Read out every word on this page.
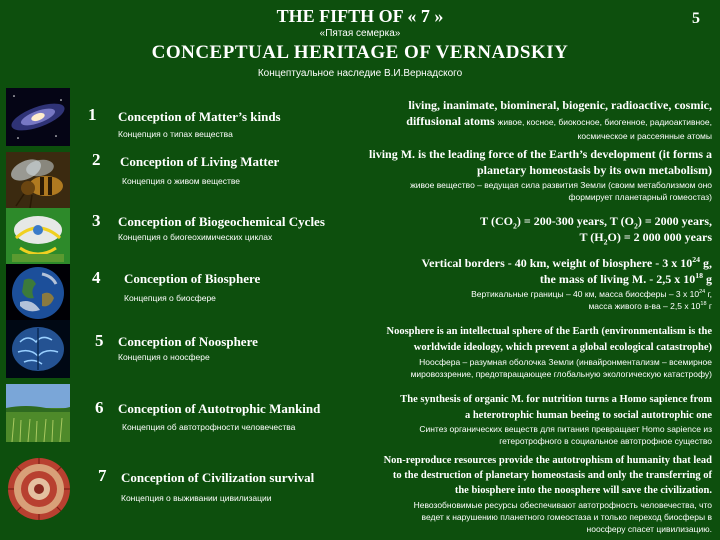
THE FIFTH OF « 7 »
«Пятая семерка»
CONCEPTUAL HERITAGE OF VERNADSKIY
Концептуальное наследие В.И.Вернадского
5
1 Conception of Matter’s kinds
Концепция о типах вещества
living, inanimate, biomineral, biogenic, radioactive, cosmic,
diffusional atoms живое, косное, биокосное, биогенное, радиоактивное,
космическое и рассеянные атомы
2 Conception of Living Matter
Концепция о живом веществе
living M. is the leading force of the Earth’s development (it forms a
planetary homeostasis by its own metabolism)
живое вещество – ведущая сила развития Земли (своим метаболизмом оно
формирует планетарный гомеостаз)
3 Conception of Biogeochemical Cycles
Концепция о биогеохимических циклах
T $(CO_2) = 200-300$ years, T $(O_2) = 2000$ years,
T $(H_2O) = 2$ 000 000 years
4 Conception of Biosphere
Концепция о биосфере
Vertical borders - 40 km, weight of biosphere - 3 x $10^{24}$ g,
the mass of living M. - 2,5 x $10^{18}$ g
Вертикальные границы – 40 км, масса биосферы – 3 х $10^{24}$ г,
масса живого в-ва – 2,5 х $10^{18}$ г
5 Conception of Noosphere
Концепция о ноосфере
Noosphere is an intellectual sphere of the Earth (environmentalism is the
worldwide ideology, which prevent a global ecological catastrophe)
Ноосфера – разумная оболочка Земли (инвайронментализм – всемирное
мировоззрение, предотвращающее глобальную экологическую катастрофу)
6 Conception of Autotrophic Mankind
Концепция об автотрофности человечества
The synthesis of organic M. for nutrition turns a Homo sapience from
a heterotrophic human beeing to social autotrophic one
Синтез органических веществ для питания превращает Homo sapience из
гетеротрофного в социальное автотрофное существо
7 Conception of Civilization survival
Концепция о выживании цивилизации
Non-reproduce resources provide the autotrophism of humanity that lead
to the destruction of planetary homeostasis and only the transferring of
the biosphere into the noosphere will save the civilization.
Невозобновимые ресурсы обеспечивают автотрофность человечества, что
ведет к нарушению планетного гомеостаза и только переход биосферы в
ноосферу спасет цивилизацию.
